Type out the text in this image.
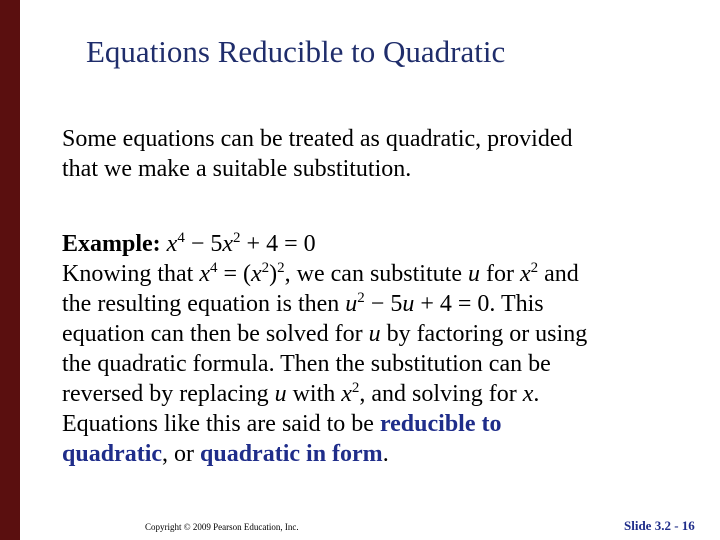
Equations Reducible to Quadratic
Some equations can be treated as quadratic, provided
that we make a suitable substitution.
Example: $x^4 - 5x^2 + 4 = 0$
Knowing that $x^4 = (x^2)^2$, we can substitute u for $x^2$ and
the resulting equation is then $u^2 - 5u + 4 = 0$. This
equation can then be solved for u by factoring or using
the quadratic formula. Then the substitution can be
reversed by replacing u with $x^2$, and solving for x.
Equations like this are said to be reducible to
quadratic, or quadratic in form.
Copyright © 2009 Pearson Education, Inc.	Slide 3.2 - 16
